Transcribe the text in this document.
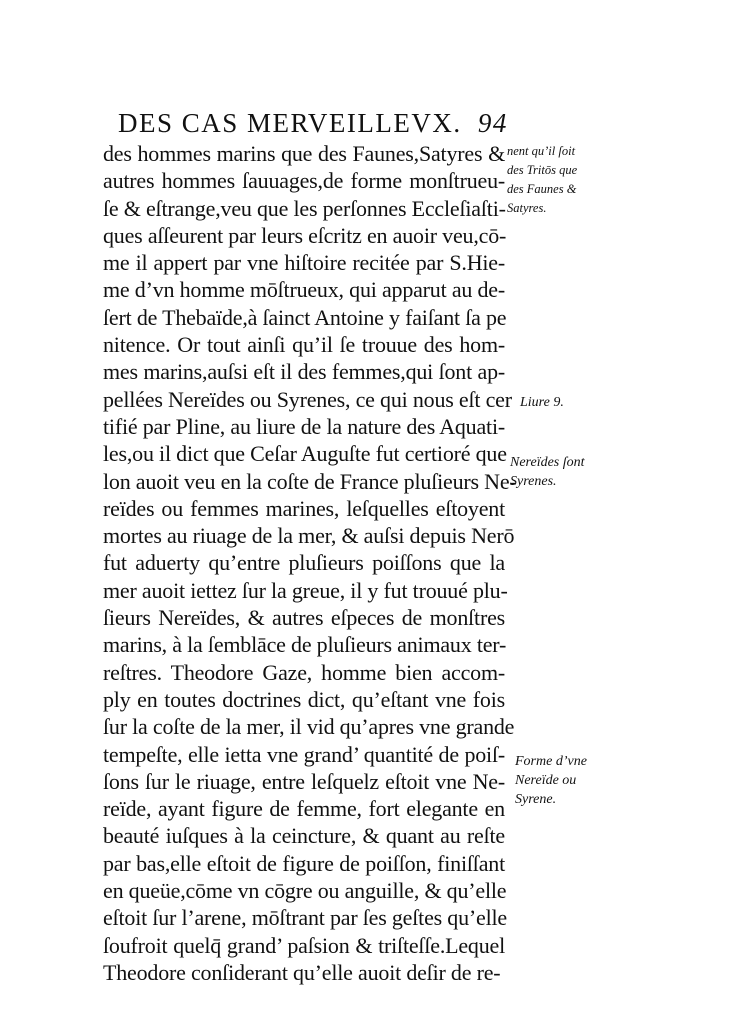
DES CAS MERVEILLEVX. 94
des hommes marins que des Faunes,Satyres &
autres hommes ſauuages,de forme monſtrueu-
ſe & eſtrange,veu que les perſonnes Eccleſiaſti-
ques aſſeurent par leurs eſcritz en auoir veu,cō-
me il appert par vne hiſtoire recitée par S.Hie-
me d’vn homme mōſtrueux, qui apparut au de-
ſert de Thebaïde,à ſainct Antoine y faiſant ſa pe
nitence. Or tout ainſi qu’il ſe trouue des hom-
mes marins,auſsi eſt il des femmes,qui ſont ap-
pellées Nereïdes ou Syrenes, ce qui nous eſt cer
tifié par Pline, au liure de la nature des Aquati-
les,ou il dict que Ceſar Auguſte fut certioré que
lon auoit veu en la coſte de France pluſieurs Ne-
reïdes ou femmes marines, leſquelles eſtoyent
mortes au riuage de la mer, & auſsi depuis Nerō
fut aduerty qu’entre pluſieurs poiſſons que la
mer auoit iettez ſur la greue, il y fut trouué plu-
ſieurs Nereïdes, & autres eſpeces de monſtres
marins, à la ſemblāce de pluſieurs animaux ter-
reſtres. Theodore Gaze, homme bien accom-
ply en toutes doctrines dict, qu’eſtant vne fois
ſur la coſte de la mer, il vid qu’apres vne grande
tempeſte, elle ietta vne grand’ quantité de poiſ-
ſons ſur le riuage, entre leſquelz eſtoit vne Ne-
reïde, ayant figure de femme, fort elegante en
beauté iuſques à la ceincture, & quant au reſte
par bas,elle eſtoit de figure de poiſſon, finiſſant
en queüe,cōme vn cōgre ou anguille, & qu’elle
eſtoit ſur l’arene, mōſtrant par ſes geſtes qu’elle
ſoufroit quelq̄ grand’ paſsion & triſteſſe.Lequel
Theodore conſiderant qu’elle auoit deſir de re-
nent qu’il ſoit
des Tritōs que
des Faunes &
Satyres.
Liure 9.
Nereïdes ſont
Syrenes.
Forme d’vne
Nereïde ou
Syrene.
